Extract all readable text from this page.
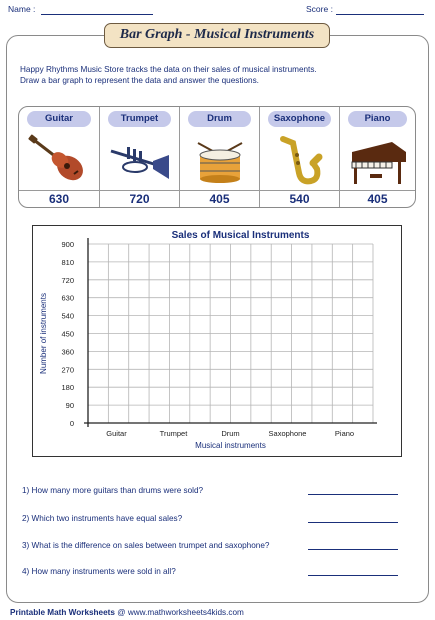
Name :	Score :
Bar Graph - Musical Instruments
Happy Rhythms Music Store tracks the data on their sales of musical instruments.
Draw a bar graph to represent the data and answer the questions.
Guitar
630
Trumpet
720
Drum
405
Saxophone
540
Piano
405
0
90
180
270
360
450
540
630
720
810
900
Guitar	Trumpet	Drum	Saxophone	Piano
Sales of Musical Instruments
Musical instruments
Number of instruments
1) How many more guitars than drums were sold?
2) Which two instruments have equal sales?
3) What is the difference on sales between trumpet and saxophone?
4) How many instruments were sold in all?
Printable Math Worksheets @ www.mathworksheets4kids.com
